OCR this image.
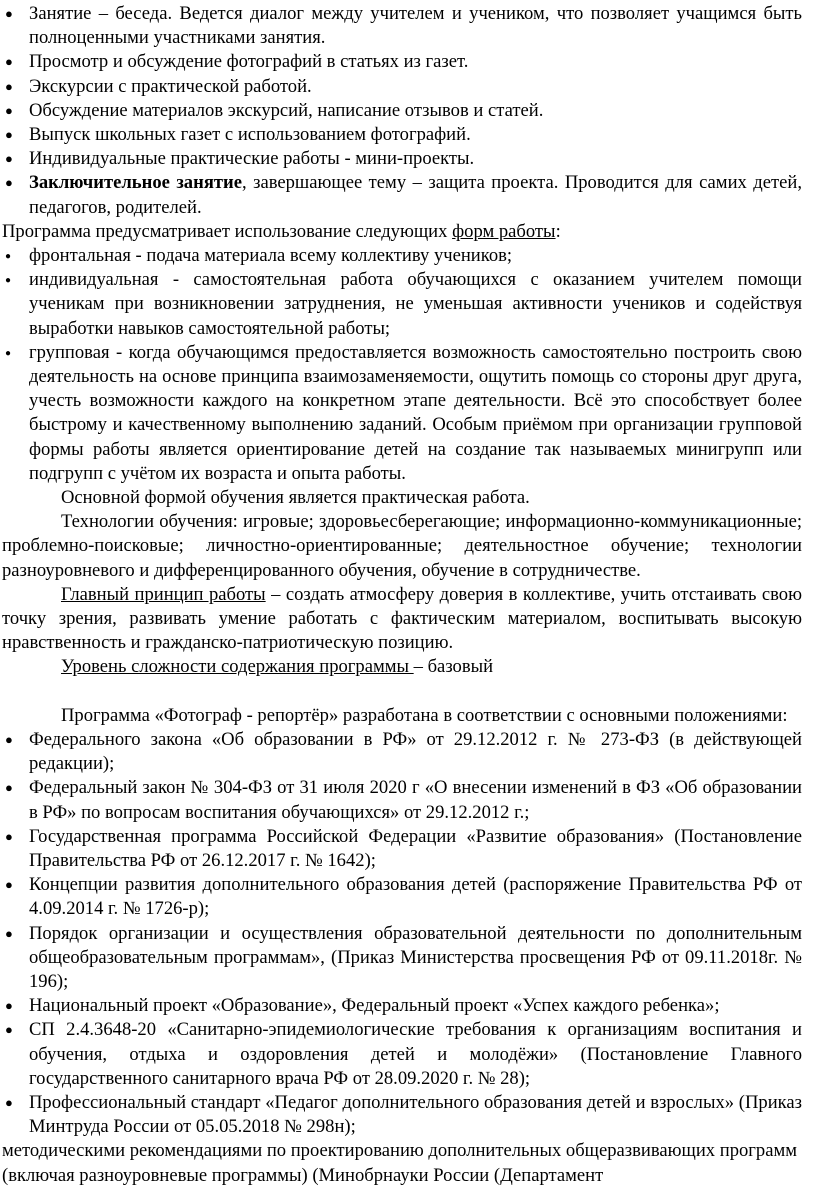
● Занятие – беседа. Ведется диалог между учителем и учеником, что позволяет учащимся быть полноценными участниками занятия.
● Просмотр и обсуждение фотографий в статьях из газет.
● Экскурсии с практической работой.
● Обсуждение материалов экскурсий, написание отзывов и статей.
● Выпуск школьных газет с использованием фотографий.
● Индивидуальные практические работы - мини-проекты.
● Заключительное занятие, завершающее тему – защита проекта. Проводится для самих детей, педагогов, родителей.

Программа предусматривает использование следующих форм работы:

● фронтальная - подача материала всему коллективу учеников;
● индивидуальная - самостоятельная работа обучающихся с оказанием учителем помощи ученикам при возникновении затруднения, не уменьшая активности учеников и содействуя выработки навыков самостоятельной работы;
● групповая - когда обучающимся предоставляется возможность самостоятельно построить свою деятельность на основе принципа взаимозаменяемости, ощутить помощь со стороны друг друга, учесть возможности каждого на конкретном этапе деятельности. Всё это способствует более быстрому и качественному выполнению заданий. Особым приёмом при организации групповой формы работы является ориентирование детей на создание так называемых минигрупп или подгрупп с учётом их возраста и опыта работы.

Основной формой обучения является практическая работа.

Технологии обучения: игровые; здоровьесберегающие; информационно-коммуникационные; проблемно-поисковые; личностно-ориентированные; деятельностное обучение; технологии разноуровневого и дифференцированного обучения, обучение в сотрудничестве.

Главный принцип работы – создать атмосферу доверия в коллективе, учить отстаивать свою точку зрения, развивать умение работать с фактическим материалом, воспитывать высокую нравственность и гражданско-патриотическую позицию.

Уровень сложности содержания программы – базовый

Программа «Фотограф - репортёр» разработана в соответствии с основными положениями:

● Федерального закона «Об образовании в РФ» от 29.12.2012 г. № 273-ФЗ (в действующей редакции);
● Федеральный закон № 304-ФЗ от 31 июля 2020 г «О внесении изменений в ФЗ «Об образовании в РФ» по вопросам воспитания обучающихся» от 29.12.2012 г.;
● Государственная программа Российской Федерации «Развитие образования» (Постановление Правительства РФ от 26.12.2017 г. № 1642);
● Концепции развития дополнительного образования детей (распоряжение Правительства РФ от 4.09.2014 г. № 1726-р);
● Порядок организации и осуществления образовательной деятельности по дополнительным общеобразовательным программам», (Приказ Министерства просвещения РФ от 09.11.2018г. № 196);
● Национальный проект «Образование», Федеральный проект «Успех каждого ребенка»;
● СП 2.4.3648-20 «Санитарно-эпидемиологические требования к организациям воспитания и обучения, отдыха и оздоровления детей и молодёжи» (Постановление Главного государственного санитарного врача РФ от 28.09.2020 г. № 28);
● Профессиональный стандарт «Педагог дополнительного образования детей и взрослых» (Приказ Минтруда России от 05.05.2018 № 298н);

методическими рекомендациями по проектированию дополнительных общеразвивающих программ (включая разноуровневые программы) (Минобрнауки России (Департамент
